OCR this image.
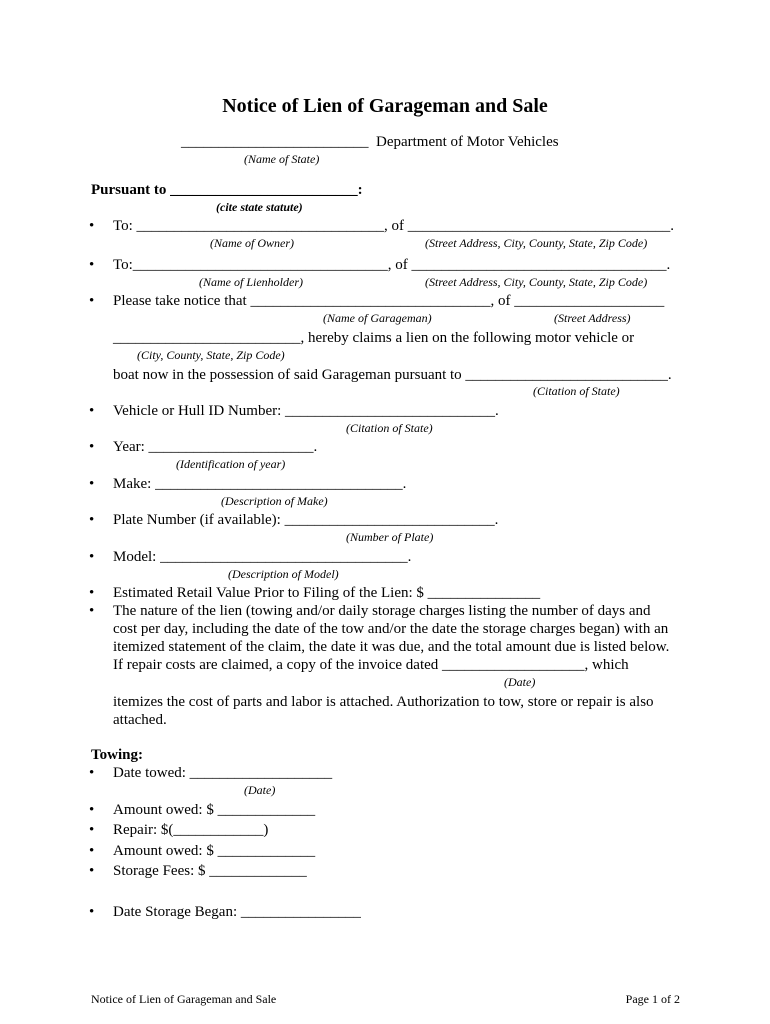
Notice of Lien of Garageman and Sale
_________________________  Department of Motor Vehicles
(Name of State)
Pursuant to _________________________:
(cite state statute)
• To: _________________________________, of ___________________________________.
(Name of Owner)	(Street Address, City, County, State, Zip Code)
• To:__________________________________, of __________________________________.
(Name of Lienholder)	(Street Address, City, County, State, Zip Code)
• Please take notice that ________________________________, of ____________________
(Name of Garageman)	(Street Address)
_________________________, hereby claims a lien on the following motor vehicle or
(City, County, State, Zip Code)
boat now in the possession of said Garageman pursuant to ___________________________.
(Citation of State)
• Vehicle or Hull ID Number: ____________________________.
(Citation of State)
• Year: ______________________.
(Identification of year)
• Make: _________________________________.
(Description of Make)
• Plate Number (if available): ____________________________.
(Number of Plate)
• Model: _________________________________.
(Description of Model)
• Estimated Retail Value Prior to Filing of the Lien: $ _______________
• The nature of the lien (towing and/or daily storage charges listing the number of days and
cost per day, including the date of the tow and/or the date the storage charges began) with an
itemized statement of the claim, the date it was due, and the total amount due is listed below.
If repair costs are claimed, a copy of the invoice dated ___________________, which
(Date)
itemizes the cost of parts and labor is attached. Authorization to tow, store or repair is also
attached.
Towing:
• Date towed: ___________________
(Date)
• Amount owed: $ _____________
• Repair: $(____________)
• Amount owed: $ _____________
• Storage Fees: $ _____________
• Date Storage Began: ________________
Notice of Lien of Garageman and Sale	Page 1 of 2
